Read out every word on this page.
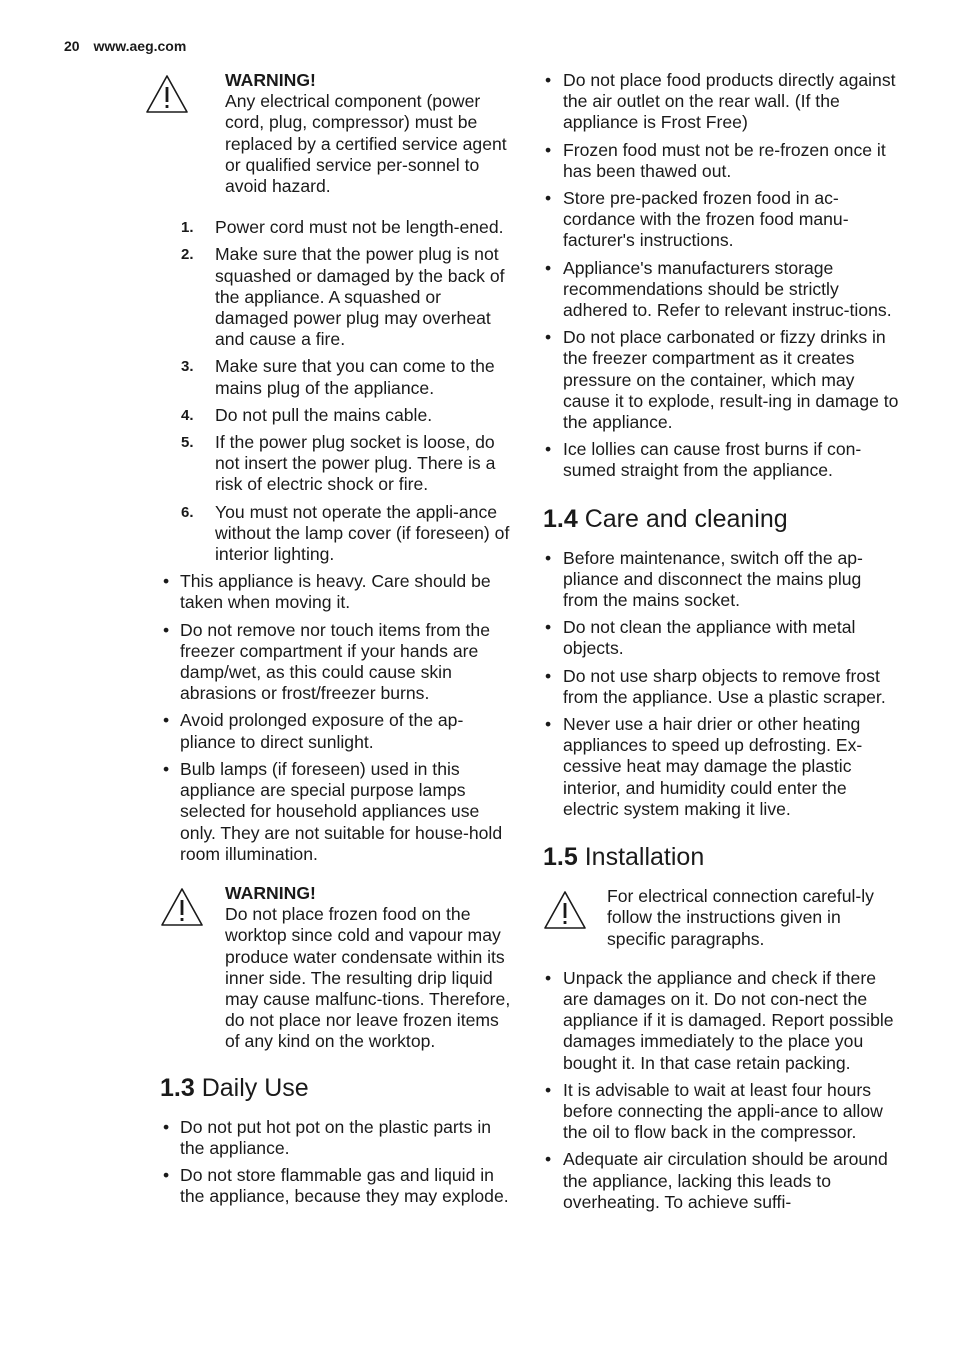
20 www.aeg.com
WARNING!
Any electrical component (power cord, plug, compressor) must be replaced by a certified service agent or qualified service per-sonnel to avoid hazard.
1. Power cord must not be length-ened.
2. Make sure that the power plug is not squashed or damaged by the back of the appliance. A squashed or damaged power plug may overheat and cause a fire.
3. Make sure that you can come to the mains plug of the appliance.
4. Do not pull the mains cable.
5. If the power plug socket is loose, do not insert the power plug. There is a risk of electric shock or fire.
6. You must not operate the appli-ance without the lamp cover (if foreseen) of interior lighting.
• This appliance is heavy. Care should be taken when moving it.
• Do not remove nor touch items from the freezer compartment if your hands are damp/wet, as this could cause skin abrasions or frost/freezer burns.
• Avoid prolonged exposure of the ap-pliance to direct sunlight.
• Bulb lamps (if foreseen) used in this appliance are special purpose lamps selected for household appliances use only. They are not suitable for house-hold room illumination.
WARNING!
Do not place frozen food on the worktop since cold and vapour may produce water condensate within its inner side. The resulting drip liquid may cause malfunc-tions. Therefore, do not place nor leave frozen items of any kind on the worktop.
1.3 Daily Use
• Do not put hot pot on the plastic parts in the appliance.
• Do not store flammable gas and liquid in the appliance, because they may explode.
• Do not place food products directly against the air outlet on the rear wall. (If the appliance is Frost Free)
• Frozen food must not be re-frozen once it has been thawed out.
• Store pre-packed frozen food in ac-cordance with the frozen food manu-facturer's instructions.
• Appliance's manufacturers storage recommendations should be strictly adhered to. Refer to relevant instruc-tions.
• Do not place carbonated or fizzy drinks in the freezer compartment as it creates pressure on the container, which may cause it to explode, result-ing in damage to the appliance.
• Ice lollies can cause frost burns if con-sumed straight from the appliance.
1.4 Care and cleaning
• Before maintenance, switch off the ap-pliance and disconnect the mains plug from the mains socket.
• Do not clean the appliance with metal objects.
• Do not use sharp objects to remove frost from the appliance. Use a plastic scraper.
• Never use a hair drier or other heating appliances to speed up defrosting. Ex-cessive heat may damage the plastic interior, and humidity could enter the electric system making it live.
1.5 Installation
For electrical connection careful-ly follow the instructions given in specific paragraphs.
• Unpack the appliance and check if there are damages on it. Do not con-nect the appliance if it is damaged. Report possible damages immediately to the place you bought it. In that case retain packing.
• It is advisable to wait at least four hours before connecting the appli-ance to allow the oil to flow back in the compressor.
• Adequate air circulation should be around the appliance, lacking this leads to overheating. To achieve suffi-
